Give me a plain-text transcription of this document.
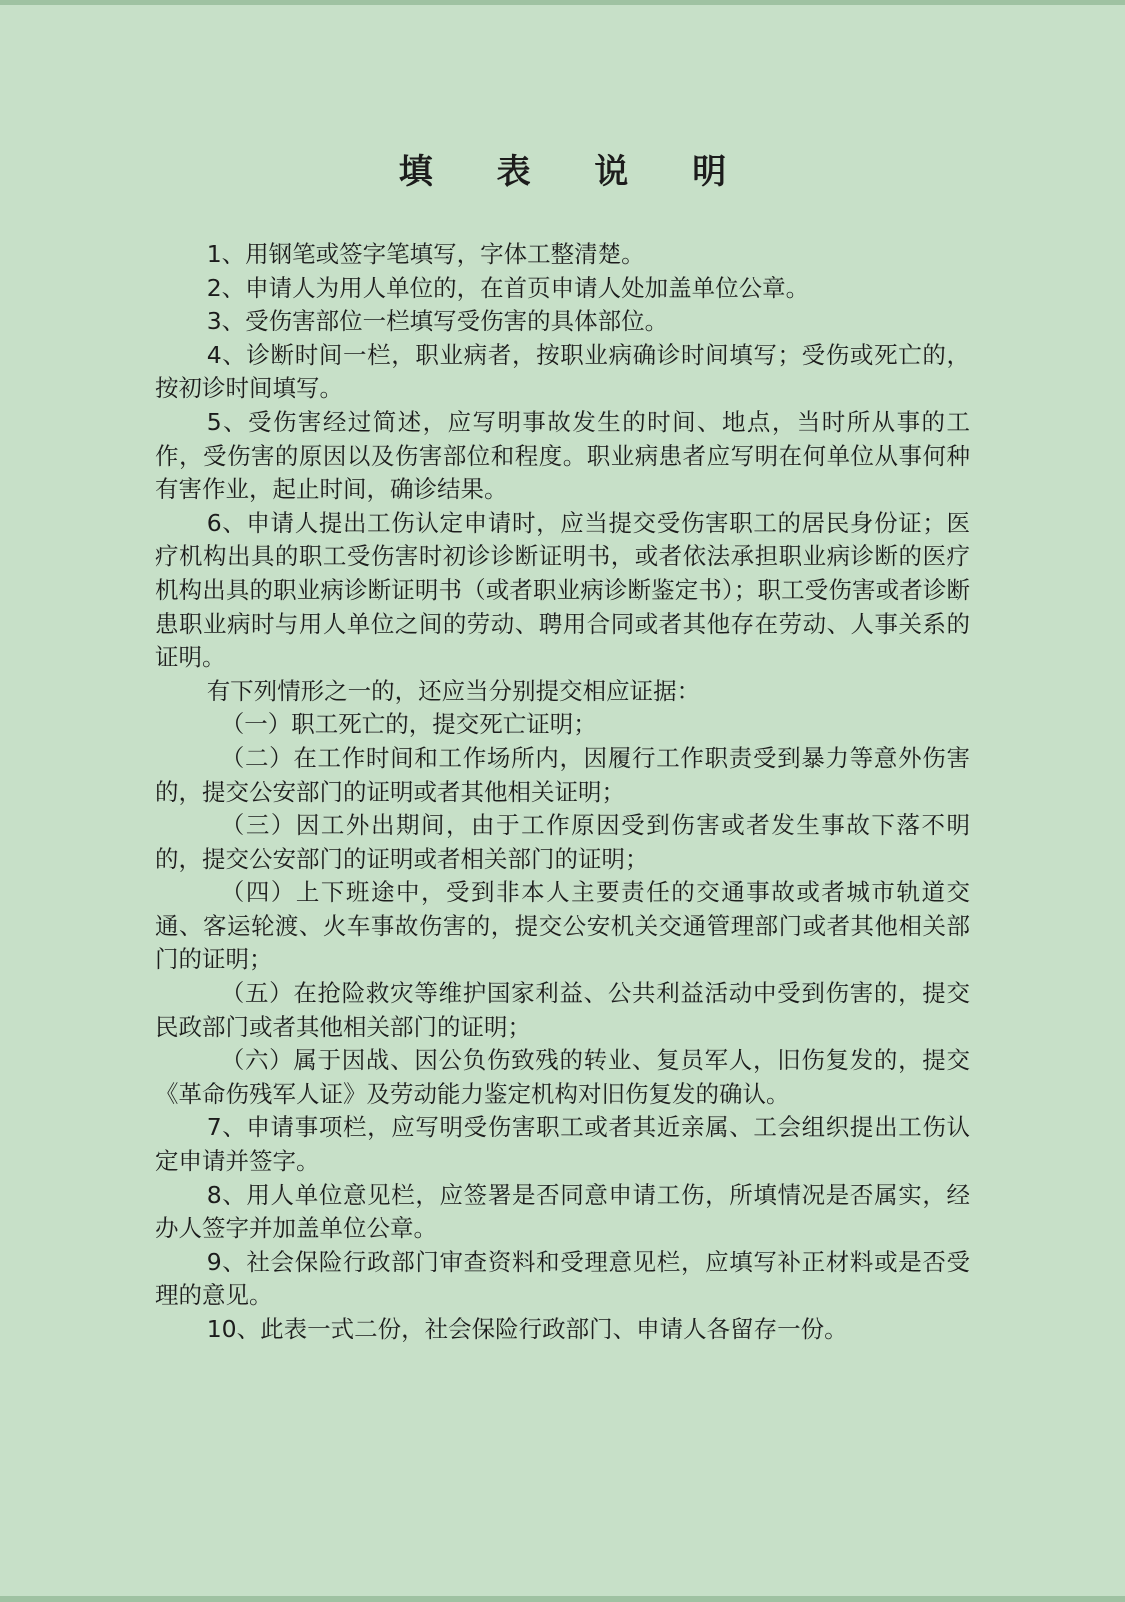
填 表 说 明

1、用钢笔或签字笔填写，字体工整清楚。

2、申请人为用人单位的，在首页申请人处加盖单位公章。

3、受伤害部位一栏填写受伤害的具体部位。

4、诊断时间一栏，职业病者，按职业病确诊时间填写；受伤或死亡的，按初诊时间填写。

5、受伤害经过简述，应写明事故发生的时间、地点，当时所从事的工作，受伤害的原因以及伤害部位和程度。职业病患者应写明在何单位从事何种有害作业，起止时间，确诊结果。

6、申请人提出工伤认定申请时，应当提交受伤害职工的居民身份证；医疗机构出具的职工受伤害时初诊诊断证明书，或者依法承担职业病诊断的医疗机构出具的职业病诊断证明书（或者职业病诊断鉴定书）；职工受伤害或者诊断患职业病时与用人单位之间的劳动、聘用合同或者其他存在劳动、人事关系的证明。

有下列情形之一的，还应当分别提交相应证据：

（一）职工死亡的，提交死亡证明；

（二）在工作时间和工作场所内，因履行工作职责受到暴力等意外伤害的，提交公安部门的证明或者其他相关证明；

（三）因工外出期间，由于工作原因受到伤害或者发生事故下落不明的，提交公安部门的证明或者相关部门的证明；

（四）上下班途中，受到非本人主要责任的交通事故或者城市轨道交通、客运轮渡、火车事故伤害的，提交公安机关交通管理部门或者其他相关部门的证明；

（五）在抢险救灾等维护国家利益、公共利益活动中受到伤害的，提交民政部门或者其他相关部门的证明；

（六）属于因战、因公负伤致残的转业、复员军人，旧伤复发的，提交《革命伤残军人证》及劳动能力鉴定机构对旧伤复发的确认。

7、申请事项栏，应写明受伤害职工或者其近亲属、工会组织提出工伤认定申请并签字。

8、用人单位意见栏，应签署是否同意申请工伤，所填情况是否属实，经办人签字并加盖单位公章。

9、社会保险行政部门审查资料和受理意见栏，应填写补正材料或是否受理的意见。

10、此表一式二份，社会保险行政部门、申请人各留存一份。
